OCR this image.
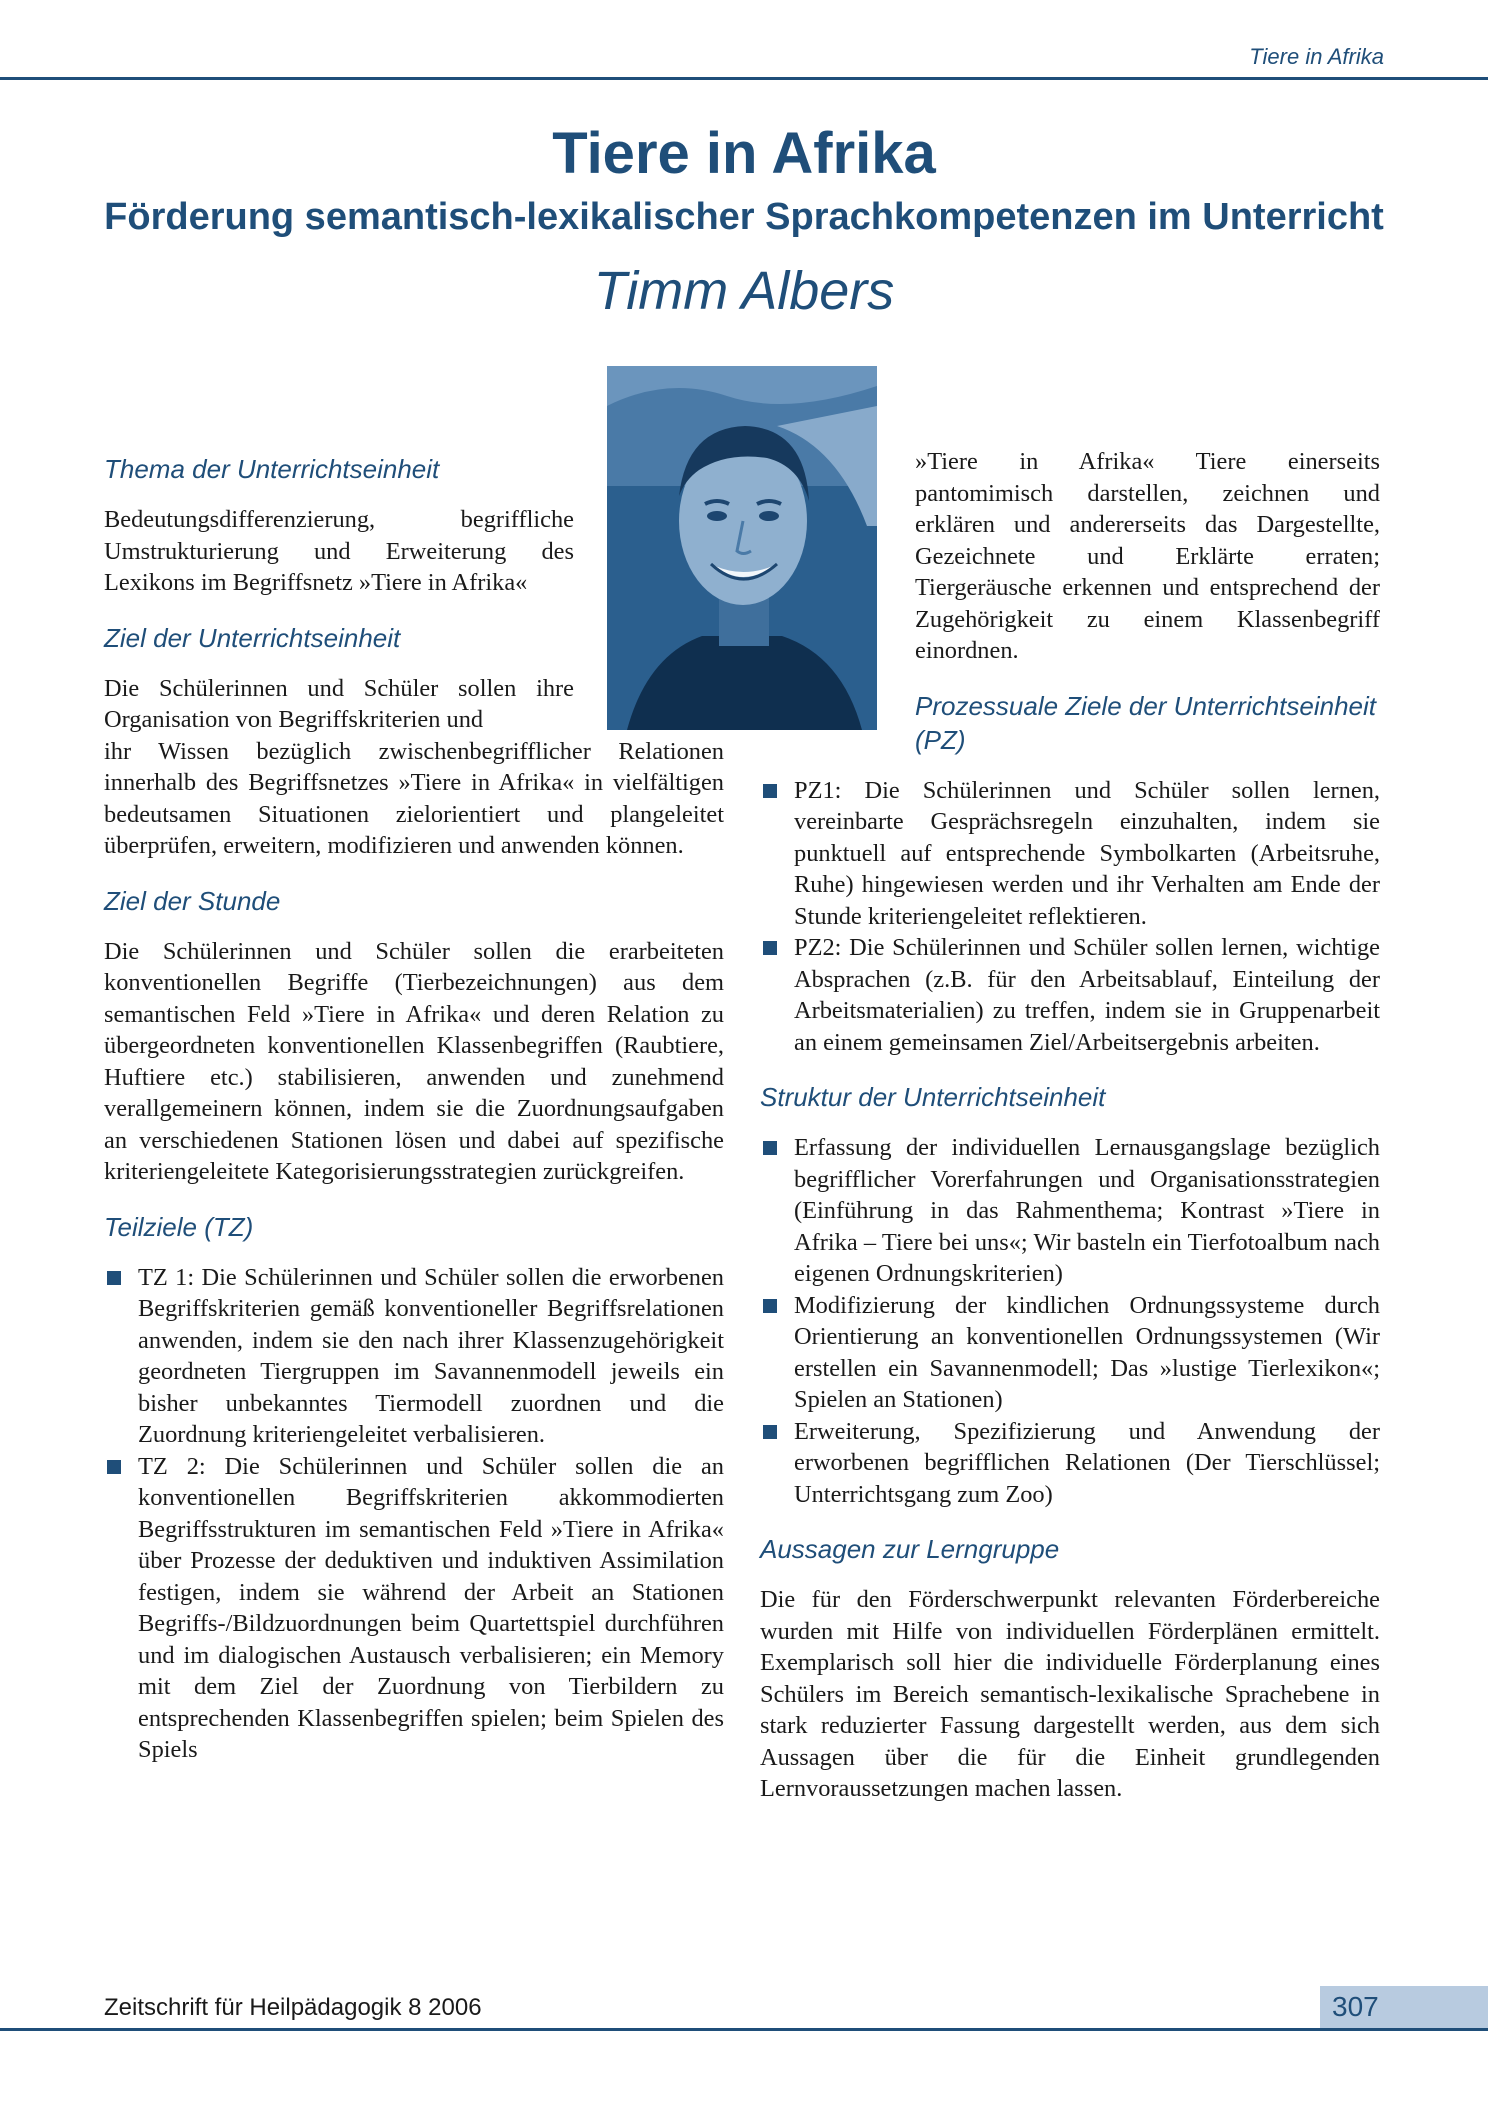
Tiere in Afrika
Tiere in Afrika
Förderung semantisch-lexikalischer Sprachkompetenzen im Unterricht
Timm Albers
Thema der Unterrichtseinheit

Bedeutungsdifferenzierung, begriffliche Umstrukturierung und Erweiterung des Lexikons im Begriffsnetz »Tiere in Afrika«

Ziel der Unterrichtseinheit

Die Schülerinnen und Schüler sollen ihre Organisation von Begriffskriterien und

ihr Wissen bezüglich zwischenbegrifflicher Relationen innerhalb des Begriffsnetzes »Tiere in Afrika« in vielfältigen bedeutsamen Situationen zielorientiert und plangeleitet überprüfen, erweitern, modifizieren und anwenden können.

Ziel der Stunde

Die Schülerinnen und Schüler sollen die erarbeiteten konventionellen Begriffe (Tierbezeichnungen) aus dem semantischen Feld »Tiere in Afrika« und deren Relation zu übergeordneten konventionellen Klassenbegriffen (Raubtiere, Huftiere etc.) stabilisieren, anwenden und zunehmend verallgemeinern können, indem sie die Zuordnungsaufgaben an verschiedenen Stationen lösen und dabei auf spezifische kriteriengeleitete Kategorisierungsstrategien zurückgreifen.

Teilziele (TZ)
TZ 1: Die Schülerinnen und Schüler sollen die erworbenen Begriffskriterien gemäß konventioneller Begriffsrelationen anwenden, indem sie den nach ihrer Klassenzugehörigkeit geordneten Tiergruppen im Savannenmodell jeweils ein bisher unbekanntes Tiermodell zuordnen und die Zuordnung kriteriengeleitet verbalisieren.
TZ 2: Die Schülerinnen und Schüler sollen die an konventionellen Begriffskriterien akkommodierten Begriffsstrukturen im semantischen Feld »Tiere in Afrika« über Prozesse der deduktiven und induktiven Assimilation festigen, indem sie während der Arbeit an Stationen Begriffs-/Bildzuordnungen beim Quartettspiel durchführen und im dialogischen Austausch verbalisieren; ein Memory mit dem Ziel der Zuordnung von Tierbildern zu entsprechenden Klassenbegriffen spielen; beim Spielen des Spiels

»Tiere in Afrika« Tiere einerseits pantomimisch darstellen, zeichnen und erklären und andererseits das Dargestellte, Gezeichnete und Erklärte erraten; Tiergeräusche erkennen und entsprechend der Zugehörigkeit zu einem Klassenbegriff einordnen.

Prozessuale Ziele der Unterrichtseinheit (PZ)
PZ1: Die Schülerinnen und Schüler sollen lernen, vereinbarte Gesprächsregeln einzuhalten, indem sie punktuell auf entsprechende Symbolkarten (Arbeitsruhe, Ruhe) hingewiesen werden und ihr Verhalten am Ende der Stunde kriteriengeleitet reflektieren.
PZ2: Die Schülerinnen und Schüler sollen lernen, wichtige Absprachen (z.B. für den Arbeitsablauf, Einteilung der Arbeitsmaterialien) zu treffen, indem sie in Gruppenarbeit an einem gemeinsamen Ziel/Arbeitsergebnis arbeiten.
Struktur der Unterrichtseinheit
Erfassung der individuellen Lernausgangslage bezüglich begrifflicher Vorerfahrungen und Organisationsstrategien (Einführung in das Rahmenthema; Kontrast »Tiere in Afrika – Tiere bei uns«; Wir basteln ein Tierfotoalbum nach eigenen Ordnungskriterien)
Modifizierung der kindlichen Ordnungssysteme durch Orientierung an konventionellen Ordnungssystemen (Wir erstellen ein Savannenmodell; Das »lustige Tierlexikon«; Spielen an Stationen)
Erweiterung, Spezifizierung und Anwendung der erworbenen begrifflichen Relationen (Der Tierschlüssel; Unterrichtsgang zum Zoo)
Aussagen zur Lerngruppe

Die für den Förderschwerpunkt relevanten Förderbereiche wurden mit Hilfe von individuellen Förderplänen ermittelt. Exemplarisch soll hier die individuelle Förderplanung eines Schülers im Bereich semantisch-lexikalische Sprachebene in stark reduzierter Fassung dargestellt werden, aus dem sich Aussagen über die für die Einheit grundlegenden Lernvoraussetzungen machen lassen.

Zeitschrift für Heilpädagogik 8 2006	307
